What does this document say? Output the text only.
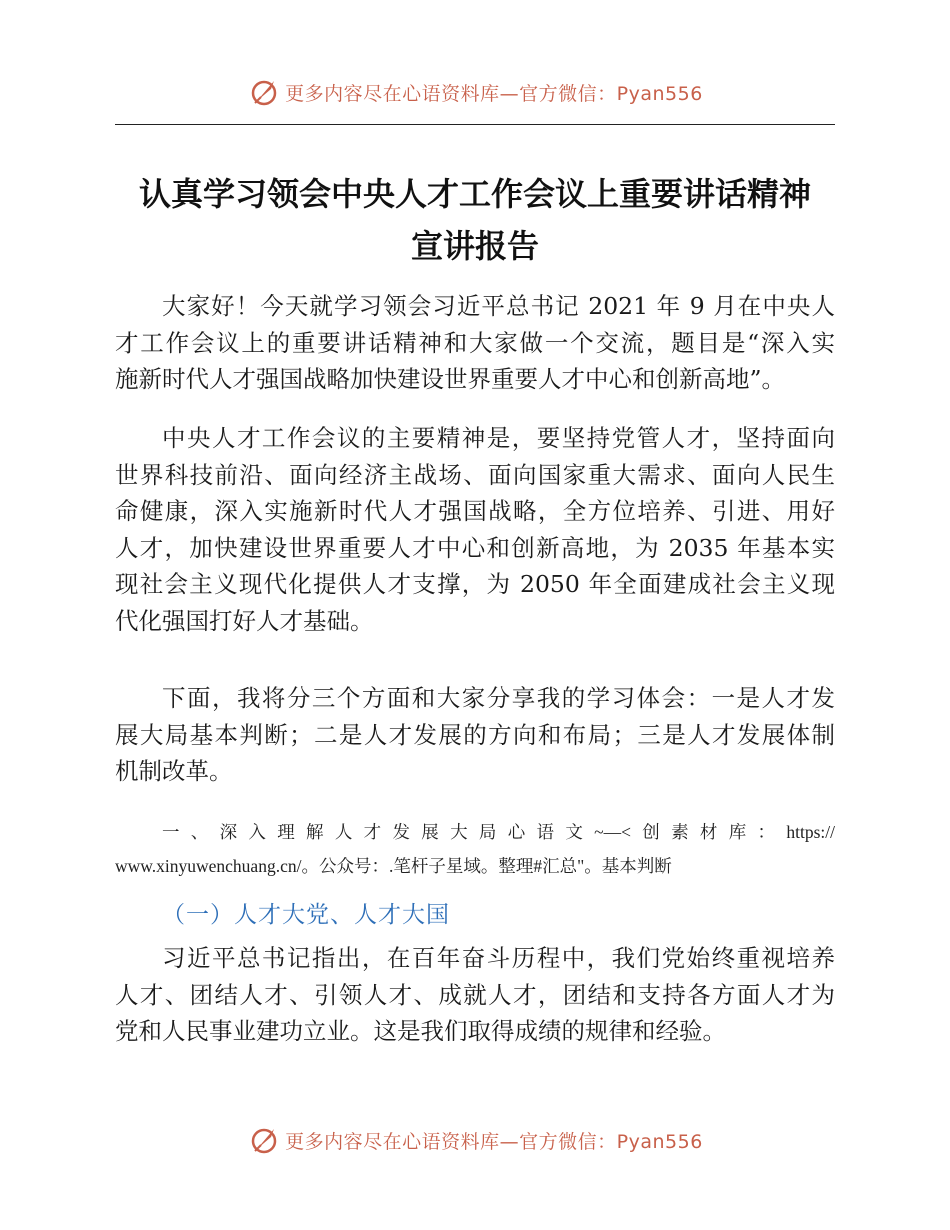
更多内容尽在心语资料库—官方微信：Pyan556
认真学习领会中央人才工作会议上重要讲话精神
宣讲报告
大家好！今天就学习领会习近平总书记 2021 年 9 月在中央人
才工作会议上的重要讲话精神和大家做一个交流，题目是“深入实
施新时代人才强国战略加快建设世界重要人才中心和创新高地”。
中央人才工作会议的主要精神是，要坚持党管人才，坚持面向
世界科技前沿、面向经济主战场、面向国家重大需求、面向人民生
命健康，深入实施新时代人才强国战略，全方位培养、引进、用好
人才，加快建设世界重要人才中心和创新高地，为 2035 年基本实
现社会主义现代化提供人才支撑，为 2050 年全面建成社会主义现
代化强国打好人才基础。
下面，我将分三个方面和大家分享我的学习体会：一是人才发
展大局基本判断；二是人才发展的方向和布局；三是人才发展体制
机制改革。
一、深入理解人才发展大局心语文~—<创素材库：https://
www.xinyuwenchuang.cn/。公众号：.笔杆子星域。整理#汇总"。基本判断
（一）人才大党、人才大国
习近平总书记指出，在百年奋斗历程中，我们党始终重视培养
人才、团结人才、引领人才、成就人才，团结和支持各方面人才为
党和人民事业建功立业。这是我们取得成绩的规律和经验。
更多内容尽在心语资料库—官方微信：Pyan556
